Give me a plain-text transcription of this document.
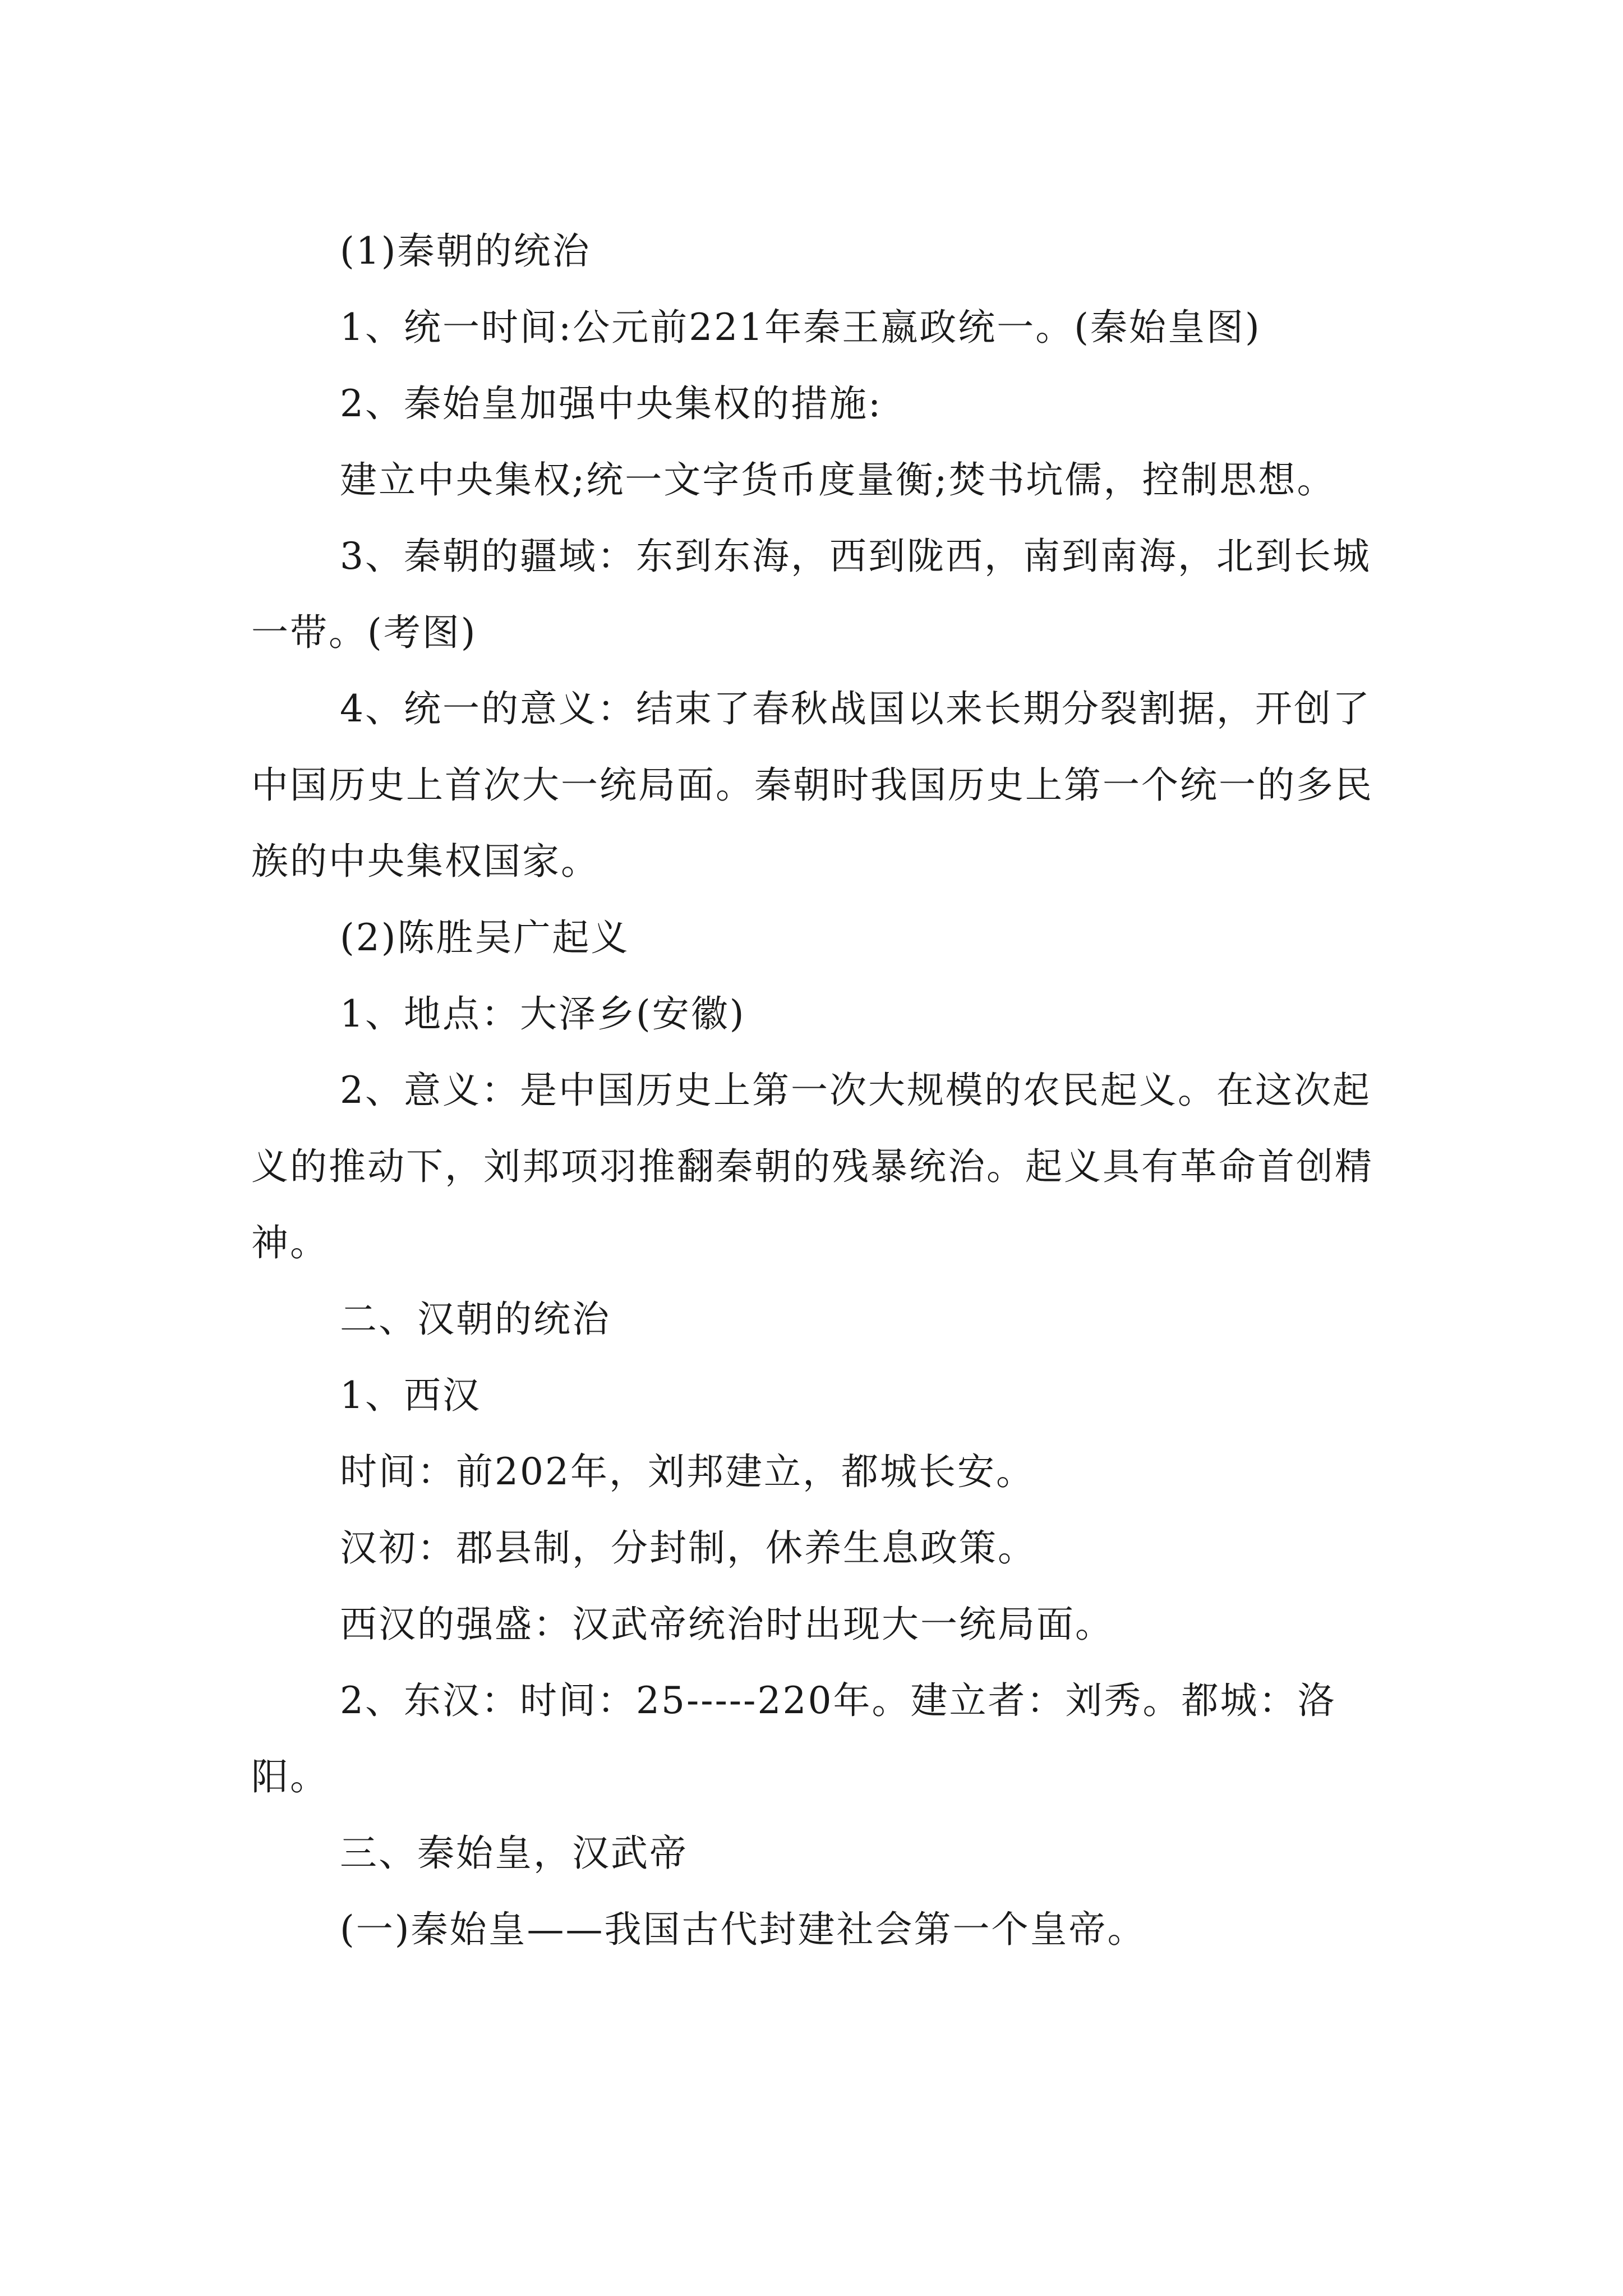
(1)秦朝的统治

1、统一时间:公元前221年秦王嬴政统一。(秦始皇图)

2、秦始皇加强中央集权的措施:

建立中央集权;统一文字货币度量衡;焚书坑儒，控制思想。

3、秦朝的疆域：东到东海，西到陇西，南到南海，北到长城一带。(考图)

4、统一的意义：结束了春秋战国以来长期分裂割据，开创了中国历史上首次大一统局面。秦朝时我国历史上第一个统一的多民族的中央集权国家。

(2)陈胜吴广起义

1、地点：大泽乡(安徽)

2、意义：是中国历史上第一次大规模的农民起义。在这次起义的推动下，刘邦项羽推翻秦朝的残暴统治。起义具有革命首创精神。

二、汉朝的统治

1、西汉

时间：前202年，刘邦建立，都城长安。

汉初：郡县制，分封制，休养生息政策。

西汉的强盛：汉武帝统治时出现大一统局面。

2、东汉：时间：25-----220年。建立者：刘秀。都城：洛阳。

三、秦始皇，汉武帝

(一)秦始皇——我国古代封建社会第一个皇帝。
